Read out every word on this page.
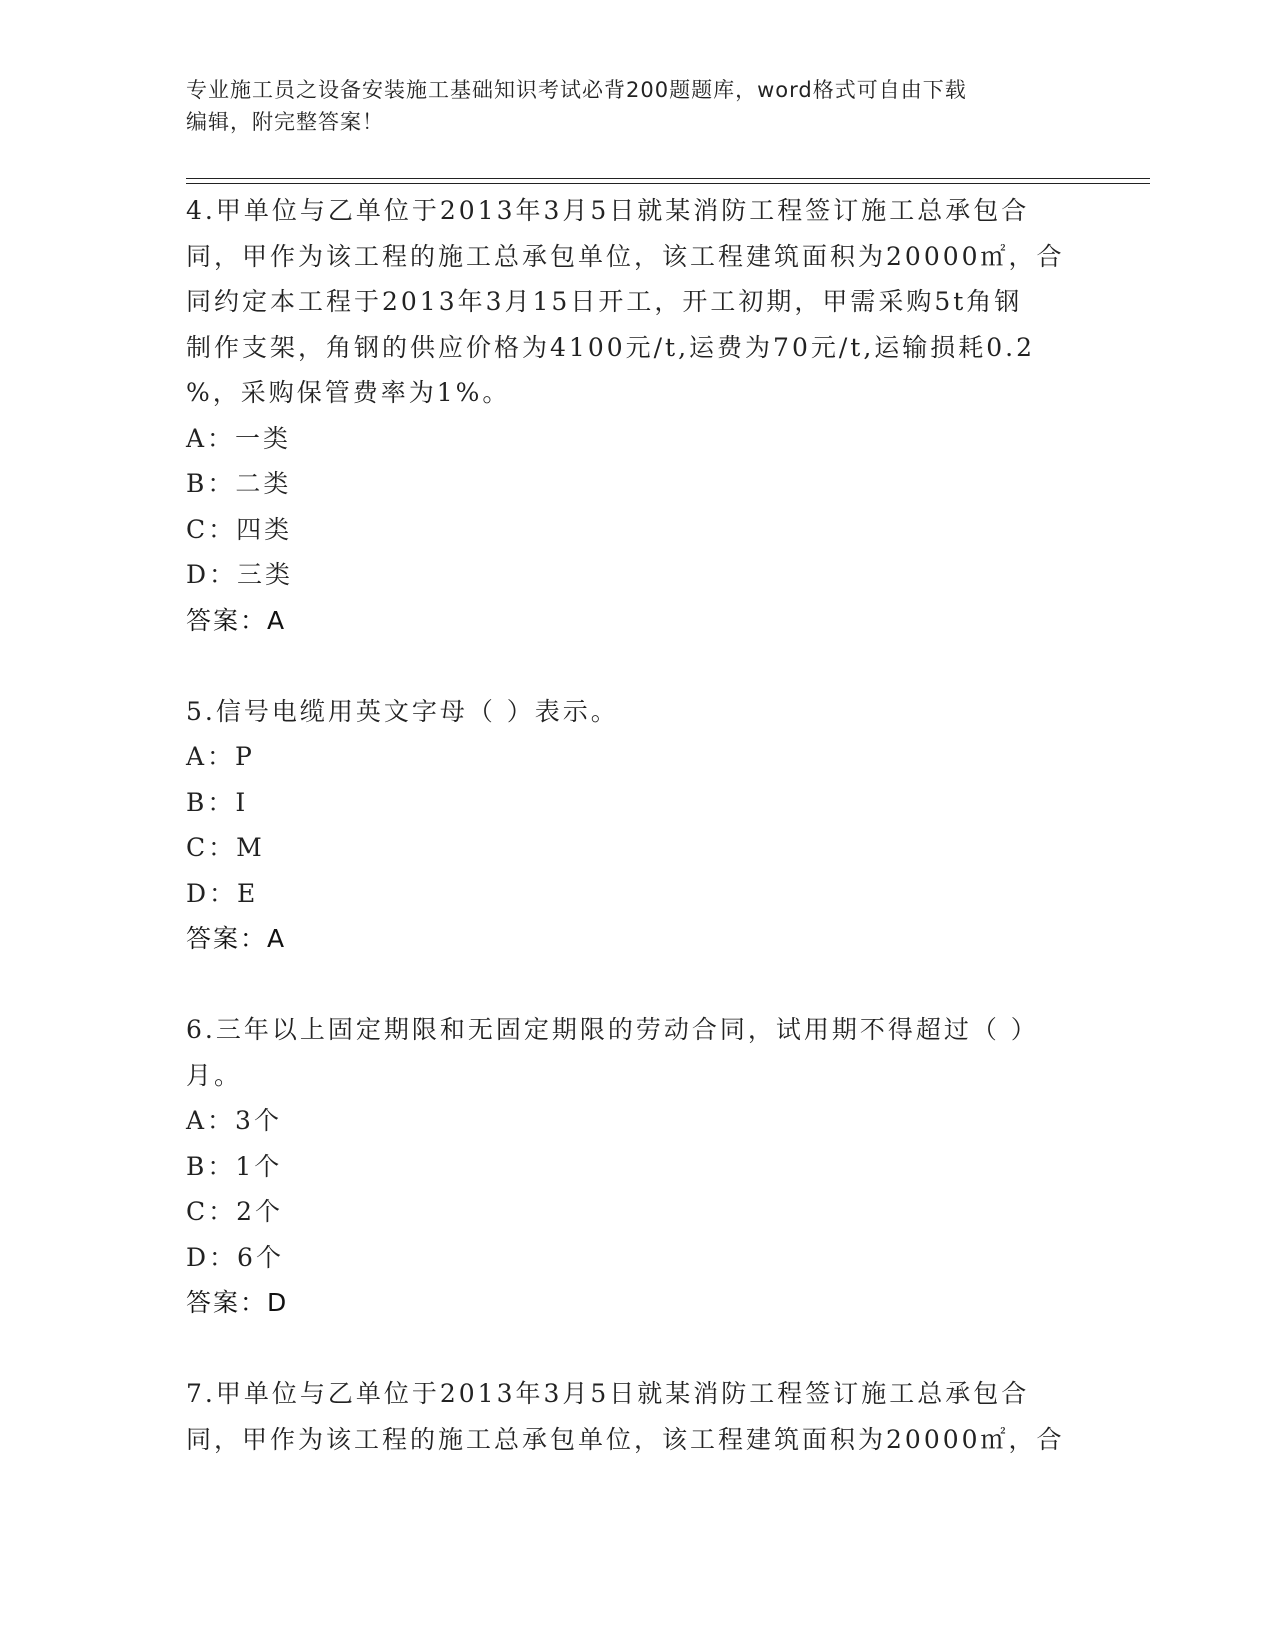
专业施工员之设备安装施工基础知识考试必背200题题库，word格式可自由下载
编辑，附完整答案！

4.甲单位与乙单位于2013年3月5日就某消防工程签订施工总承包合

同，甲作为该工程的施工总承包单位，该工程建筑面积为20000㎡，合

同约定本工程于2013年3月15日开工，开工初期，甲需采购5t角钢

制作支架，角钢的供应价格为4100元/t,运费为70元/t,运输损耗0.2

%，采购保管费率为1%。

A：一类

B：二类

C：四类

D：三类

答案：A

5.信号电缆用英文字母（ ）表示。

A：P

B：I

C：M

D：E

答案：A

6.三年以上固定期限和无固定期限的劳动合同，试用期不得超过（ ）

月。

A：3个

B：1个

C：2个

D：6个

答案：D

7.甲单位与乙单位于2013年3月5日就某消防工程签订施工总承包合

同，甲作为该工程的施工总承包单位，该工程建筑面积为20000㎡，合
